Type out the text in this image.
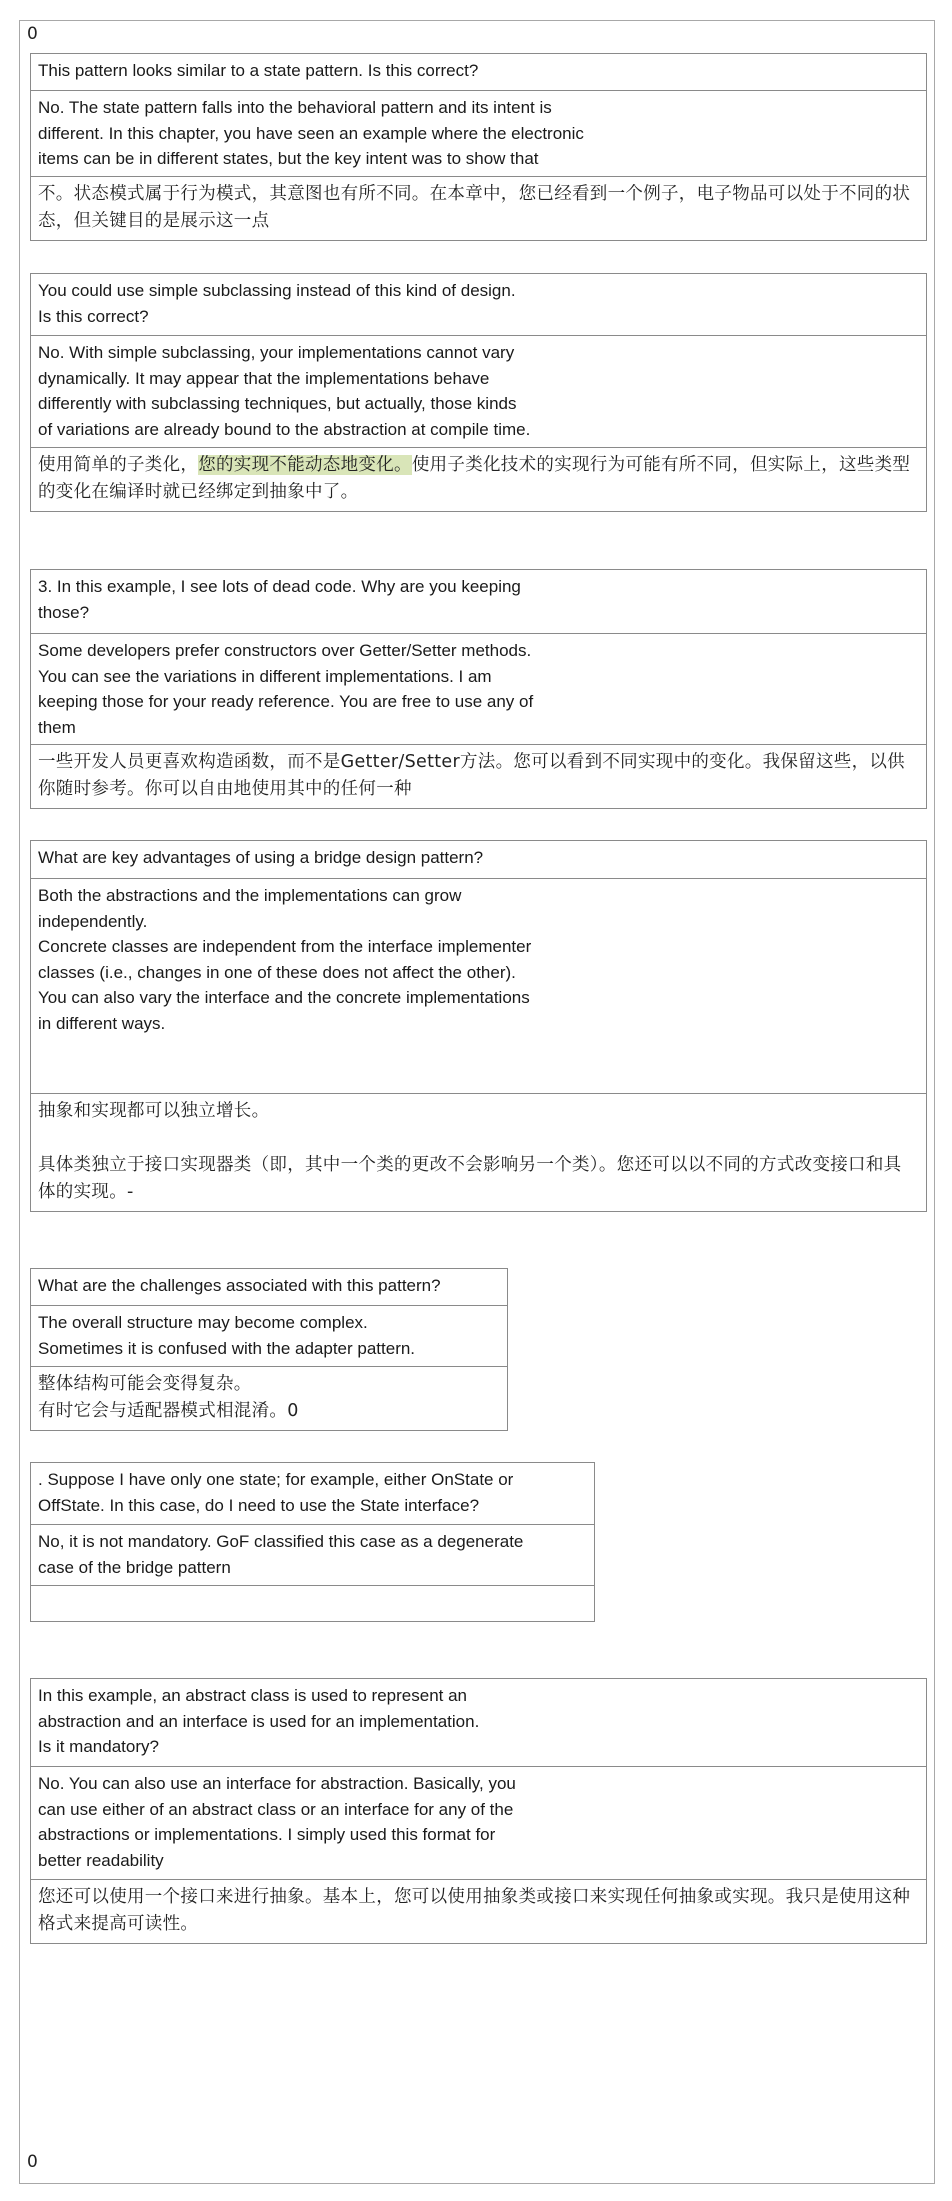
0
This pattern looks similar to a state pattern. Is this correct?
No. The state pattern falls into the behavioral pattern and its intent is
different. In this chapter, you have seen an example where the electronic
items can be in different states, but the key intent was to show that
不。状态模式属于行为模式，其意图也有所不同。在本章中，您已经看到一个例子，电子物品可以处于不同的状态，但关键目的是展示这一点
You could use simple subclassing instead of this kind of design.
Is this correct?
No. With simple subclassing, your implementations cannot vary
dynamically. It may appear that the implementations behave
differently with subclassing techniques, but actually, those kinds
of variations are already bound to the abstraction at compile time.
使用简单的子类化，您的实现不能动态地变化。使用子类化技术的实现行为可能有所不同，但实际上，这些类型的变化在编译时就已经绑定到抽象中了。
3. In this example, I see lots of dead code. Why are you keeping
those?
Some developers prefer constructors over Getter/Setter methods.
You can see the variations in different implementations. I am
keeping those for your ready reference. You are free to use any of
them
一些开发人员更喜欢构造函数，而不是Getter/Setter方法。您可以看到不同实现中的变化。我保留这些，以供你随时参考。你可以自由地使用其中的任何一种
What are key advantages of using a bridge design pattern?
Both the abstractions and the implementations can grow
independently.
Concrete classes are independent from the interface implementer
classes (i.e., changes in one of these does not affect the other).
You can also vary the interface and the concrete implementations
in different ways.
抽象和实现都可以独立增长。

具体类独立于接口实现器类（即，其中一个类的更改不会影响另一个类）。您还可以以不同的方式改变接口和具体的实现。-
What are the challenges associated with this pattern?
The overall structure may become complex.
Sometimes it is confused with the adapter pattern.
整体结构可能会变得复杂。
有时它会与适配器模式相混淆。0
. Suppose I have only one state; for example, either OnState or
OffState. In this case, do I need to use the State interface?
No, it is not mandatory. GoF classified this case as a degenerate
case of the bridge pattern
In this example, an abstract class is used to represent an
abstraction and an interface is used for an implementation.
Is it mandatory?
No. You can also use an interface for abstraction. Basically, you
can use either of an abstract class or an interface for any of the
abstractions or implementations. I simply used this format for
better readability
您还可以使用一个接口来进行抽象。基本上，您可以使用抽象类或接口来实现任何抽象或实现。我只是使用这种格式来提高可读性。
0
